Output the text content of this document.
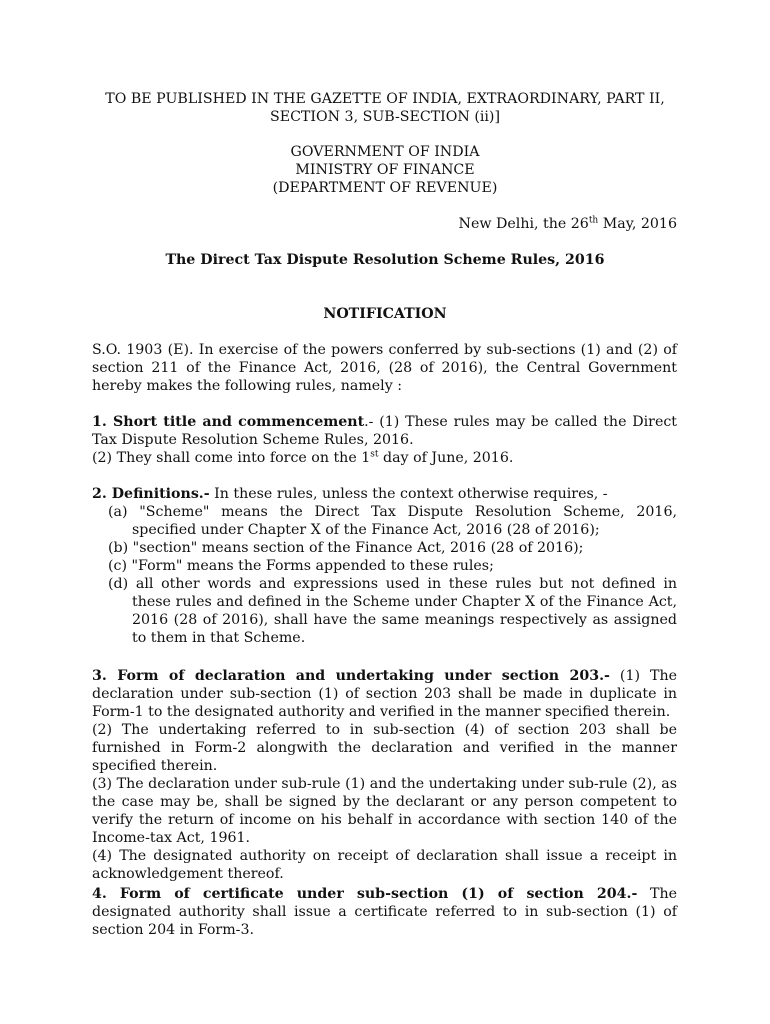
TO BE PUBLISHED IN THE GAZETTE OF INDIA, EXTRAORDINARY, PART II,

SECTION 3, SUB-SECTION (ii)]

GOVERNMENT OF INDIA

MINISTRY OF FINANCE

(DEPARTMENT OF REVENUE)

New Delhi, the 26th May, 2016
The Direct Tax Dispute Resolution Scheme Rules, 2016
NOTIFICATION
S.O. 1903 (E). In exercise of the powers conferred by sub-sections (1) and (2) of section 211 of the Finance Act, 2016, (28 of 2016), the Central Government hereby makes the following rules, namely :

1. Short title and commencement.- (1) These rules may be called the Direct Tax Dispute Resolution Scheme Rules, 2016.

(2) They shall come into force on the 1st day of June, 2016.

2. Definitions.- In these rules, unless the context otherwise requires, -

(a) "Scheme" means the Direct Tax Dispute Resolution Scheme, 2016, specified under Chapter X of the Finance Act, 2016 (28 of 2016);
(b) "section" means section of the Finance Act, 2016 (28 of 2016);
(c) "Form" means the Forms appended to these rules;
(d) all other words and expressions used in these rules but not defined in these rules and defined in the Scheme under Chapter X of the Finance Act, 2016 (28 of 2016), shall have the same meanings respectively as assigned to them in that Scheme.

3. Form of declaration and undertaking under section 203.- (1) The declaration under sub-section (1) of section 203 shall be made in duplicate in Form-1 to the designated authority and verified in the manner specified therein.

(2) The undertaking referred to in sub-section (4) of section 203 shall be furnished in Form-2 alongwith the declaration and verified in the manner specified therein.

(3) The declaration under sub-rule (1) and the undertaking under sub-rule (2), as the case may be, shall be signed by the declarant or any person competent to verify the return of income on his behalf in accordance with section 140 of the Income-tax Act, 1961.

(4) The designated authority on receipt of declaration shall issue a receipt in acknowledgement thereof.

4. Form of certificate under sub-section (1) of section 204.- The designated authority shall issue a certificate referred to in sub-section (1) of section 204 in Form-3.
